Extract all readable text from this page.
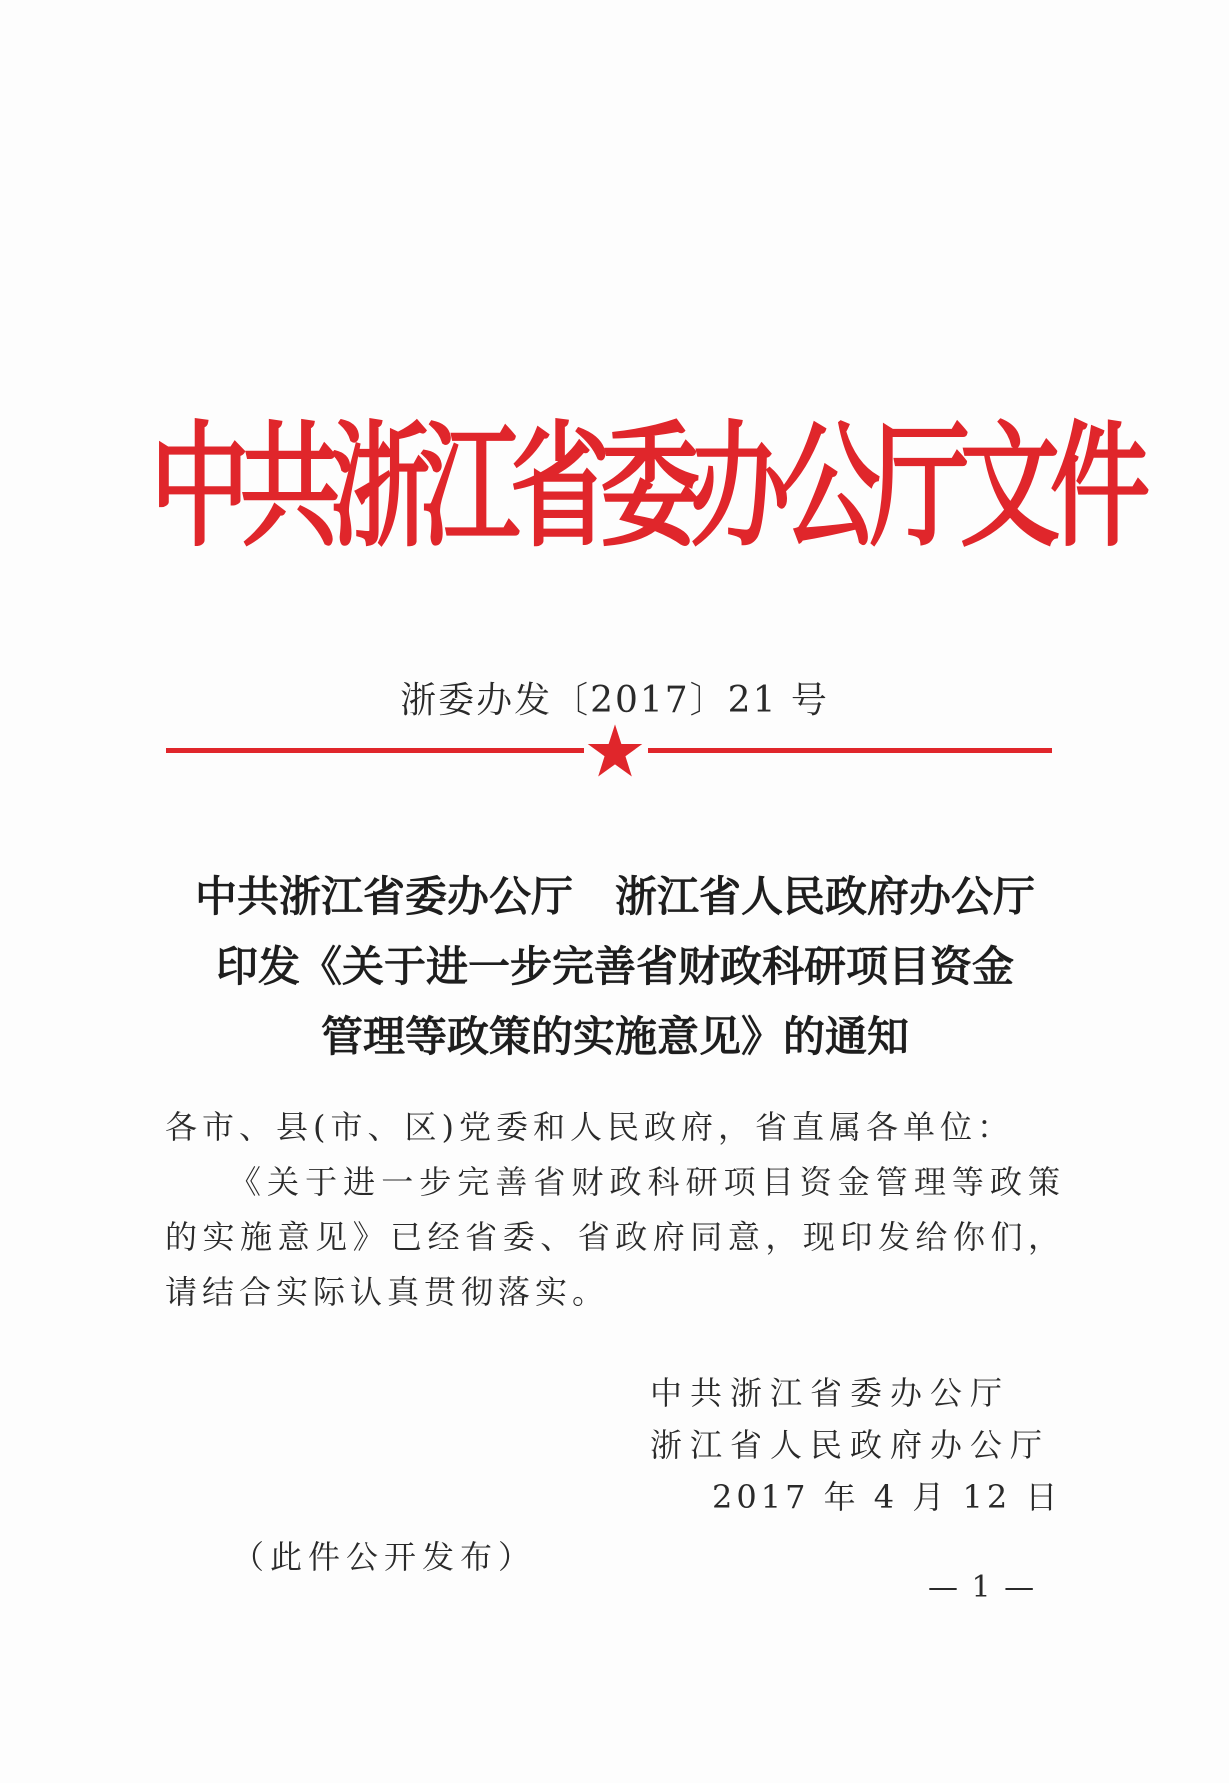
中共浙江省委办公厅文件
浙委办发〔2017〕21 号
中共浙江省委办公厅　浙江省人民政府办公厅
印发《关于进一步完善省财政科研项目资金
管理等政策的实施意见》的通知
各市、县(市、区)党委和人民政府，省直属各单位：
《关于进一步完善省财政科研项目资金管理等政策的实施意见》已经省委、省政府同意，现印发给你们，请结合实际认真贯彻落实。
中共浙江省委办公厅
浙江省人民政府办公厅
2017 年 4 月 12 日
（此件公开发布）
— 1 —
